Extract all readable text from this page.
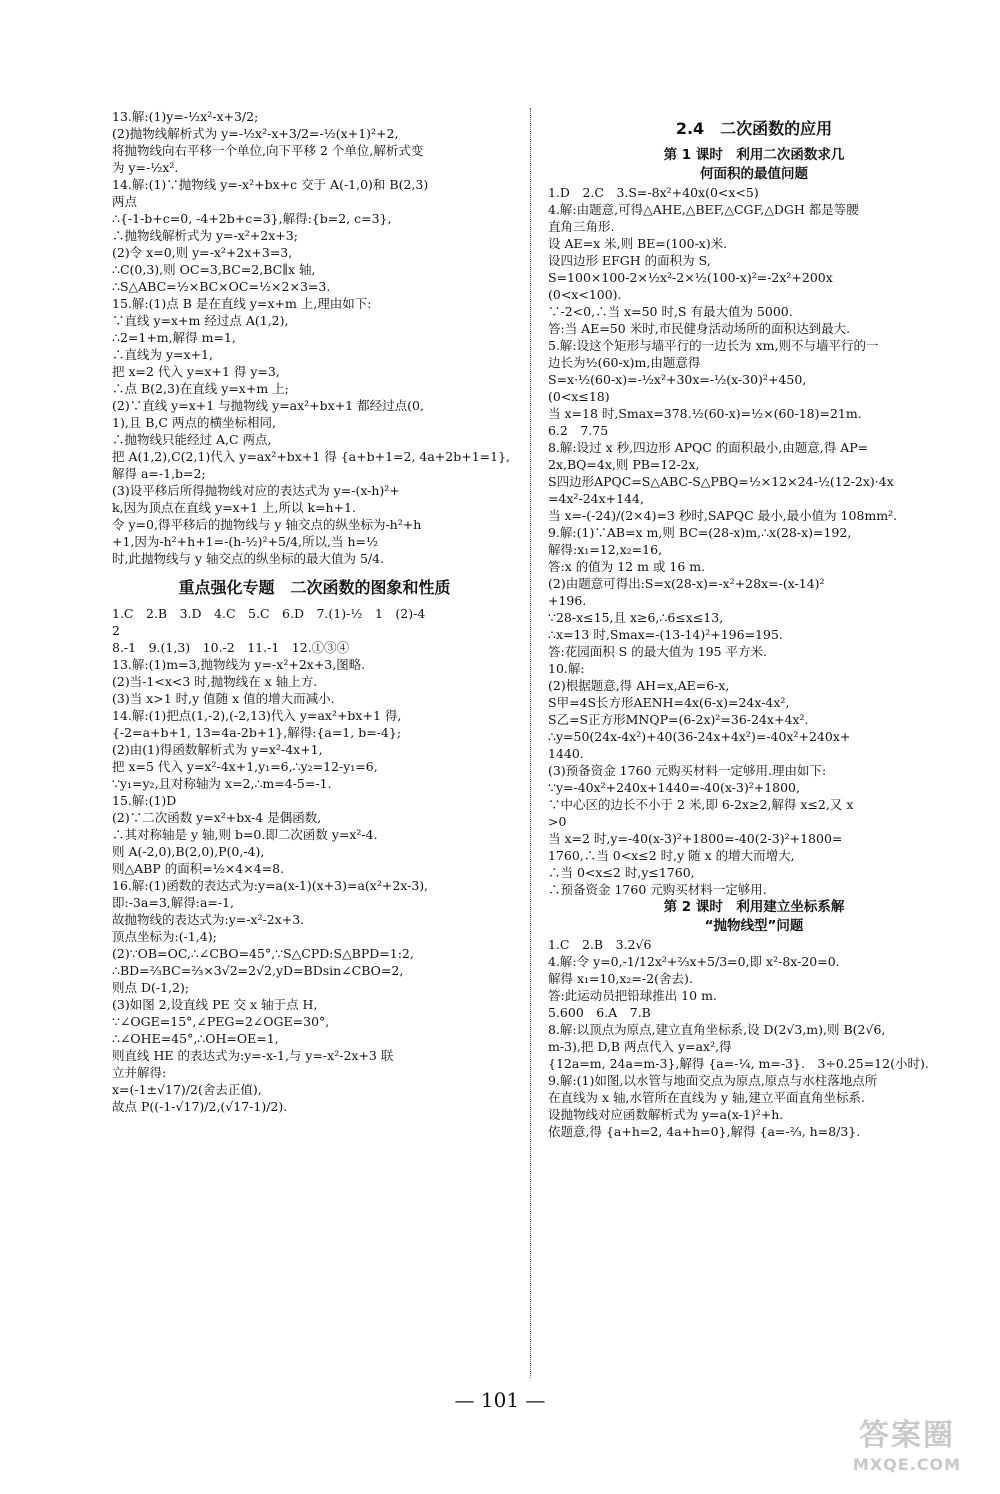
13.解:(1)y=-½x²-x+3/2;
(2)抛物线解析式为 y=-½x²-x+3/2=-½(x+1)²+2,
将抛物线向右平移一个单位,向下平移 2 个单位,解析式变
为 y=-½x².
14.解:(1)∵抛物线 y=-x²+bx+c 交于 A(-1,0)和 B(2,3)
两点
∴{-1-b+c=0, -4+2b+c=3},解得:{b=2, c=3},
∴抛物线解析式为 y=-x²+2x+3;
(2)令 x=0,则 y=-x²+2x+3=3,
∴C(0,3),则 OC=3,BC=2,BC∥x 轴,
∴S△ABC=½×BC×OC=½×2×3=3.
15.解:(1)点 B 是在直线 y=x+m 上,理由如下:
∵直线 y=x+m 经过点 A(1,2),
∴2=1+m,解得 m=1,
∴直线为 y=x+1,
把 x=2 代入 y=x+1 得 y=3,
∴点 B(2,3)在直线 y=x+m 上;
(2)∵直线 y=x+1 与抛物线 y=ax²+bx+1 都经过点(0,
1),且 B,C 两点的横坐标相同,
∴抛物线只能经过 A,C 两点,
把 A(1,2),C(2,1)代入 y=ax²+bx+1 得 {a+b+1=2, 4a+2b+1=1},
解得 a=-1,b=2;
(3)设平移后所得抛物线对应的表达式为 y=-(x-h)²+
k,因为顶点在直线 y=x+1 上,所以 k=h+1.
令 y=0,得平移后的抛物线与 y 轴交点的纵坐标为-h²+h
+1,因为-h²+h+1=-(h-½)²+5/4,所以,当 h=½
时,此抛物线与 y 轴交点的纵坐标的最大值为 5/4.
重点强化专题　二次函数的图象和性质
1.C　2.B　3.D　4.C　5.C　6.D　7.(1)-½　1　(2)-4
2
8.-1　9.(1,3)　10.-2　11.-1　12.①③④
13.解:(1)m=3,抛物线为 y=-x²+2x+3,图略.
(2)当-1<x<3 时,抛物线在 x 轴上方.
(3)当 x>1 时,y 值随 x 值的增大而减小.
14.解:(1)把点(1,-2),(-2,13)代入 y=ax²+bx+1 得,
{-2=a+b+1, 13=4a-2b+1},解得:{a=1, b=-4};
(2)由(1)得函数解析式为 y=x²-4x+1,
把 x=5 代入 y=x²-4x+1,y₁=6,∴y₂=12-y₁=6,
∵y₁=y₂,且对称轴为 x=2,∴m=4-5=-1.
15.解:(1)D
(2)∵二次函数 y=x²+bx-4 是偶函数,
∴其对称轴是 y 轴,则 b=0.即二次函数 y=x²-4.
则 A(-2,0),B(2,0),P(0,-4),
则△ABP 的面积=½×4×4=8.
16.解:(1)函数的表达式为:y=a(x-1)(x+3)=a(x²+2x-3),
即:-3a=3,解得:a=-1,
故抛物线的表达式为:y=-x²-2x+3.
顶点坐标为:(-1,4);
(2)∵OB=OC,∴∠CBO=45°,∵S△CPD:S△BPD=1:2,
∴BD=⅔BC=⅔×3√2=2√2,yD=BDsin∠CBO=2,
则点 D(-1,2);
(3)如图 2,设直线 PE 交 x 轴于点 H,
∵∠OGE=15°,∠PEG=2∠OGE=30°,
∴∠OHE=45°,∴OH=OE=1,
则直线 HE 的表达式为:y=-x-1,与 y=-x²-2x+3 联
立并解得:
x=(-1±√17)/2(舍去正值),
故点 P((-1-√17)/2,(√17-1)/2).
2.4　二次函数的应用
第 1 课时　利用二次函数求几
何面积的最值问题
1.D　2.C　3.S=-8x²+40x(0<x<5)
4.解:由题意,可得△AHE,△BEF,△CGF,△DGH 都是等腰
直角三角形.
设 AE=x 米,则 BE=(100-x)米.
设四边形 EFGH 的面积为 S,
S=100×100-2×½x²-2×½(100-x)²=-2x²+200x
(0<x<100).
∵-2<0,∴当 x=50 时,S 有最大值为 5000.
答:当 AE=50 米时,市民健身活动场所的面积达到最大.
5.解:设这个矩形与墙平行的一边长为 xm,则不与墙平行的一
边长为½(60-x)m,由题意得
S=x·½(60-x)=-½x²+30x=-½(x-30)²+450,
(0<x≤18)
当 x=18 时,Smax=378.½(60-x)=½×(60-18)=21m.
6.2　7.75
8.解:设过 x 秒,四边形 APQC 的面积最小,由题意,得 AP=
2x,BQ=4x,则 PB=12-2x,
S四边形APQC=S△ABC-S△PBQ=½×12×24-½(12-2x)·4x
=4x²-24x+144,
当 x=-(-24)/(2×4)=3 秒时,SAPQC 最小,最小值为 108mm².
9.解:(1)∵AB=x m,则 BC=(28-x)m,∴x(28-x)=192,
解得:x₁=12,x₂=16,
答:x 的值为 12 m 或 16 m.
(2)由题意可得出:S=x(28-x)=-x²+28x=-(x-14)²
+196.
∵28-x≤15,且 x≥6,∴6≤x≤13,
∴x=13 时,Smax=-(13-14)²+196=195.
答:花园面积 S 的最大值为 195 平方米.
10.解:
(2)根据题意,得 AH=x,AE=6-x,
S甲=4S长方形AENH=4x(6-x)=24x-4x²,
S乙=S正方形MNQP=(6-2x)²=36-24x+4x².
∴y=50(24x-4x²)+40(36-24x+4x²)=-40x²+240x+
1440.
(3)预备资金 1760 元购买材料一定够用.理由如下:
∵y=-40x²+240x+1440=-40(x-3)²+1800,
∵中心区的边长不小于 2 米,即 6-2x≥2,解得 x≤2,又 x
>0
当 x=2 时,y=-40(x-3)²+1800=-40(2-3)²+1800=
1760,∴当 0<x≤2 时,y 随 x 的增大而增大,
∴当 0<x≤2 时,y≤1760,
∴预备资金 1760 元购买材料一定够用.
第 2 课时　利用建立坐标系解
“抛物线型”问题
1.C　2.B　3.2√6
4.解:令 y=0,-1/12x²+⅔x+5/3=0,即 x²-8x-20=0.
解得 x₁=10,x₂=-2(舍去).
答:此运动员把铅球推出 10 m.
5.600　6.A　7.B
8.解:以顶点为原点,建立直角坐标系,设 D(2√3,m),则 B(2√6,
m-3),把 D,B 两点代入 y=ax²,得
{12a=m, 24a=m-3},解得 {a=-¼, m=-3}.　3÷0.25=12(小时).
9.解:(1)如图,以水管与地面交点为原点,原点与水柱落地点所
在直线为 x 轴,水管所在直线为 y 轴,建立平面直角坐标系.
设抛物线对应函数解析式为 y=a(x-1)²+h.
依题意,得 {a+h=2, 4a+h=0},解得 {a=-⅔, h=8/3}.
— 101 —
答案圈
MXQE.COM
